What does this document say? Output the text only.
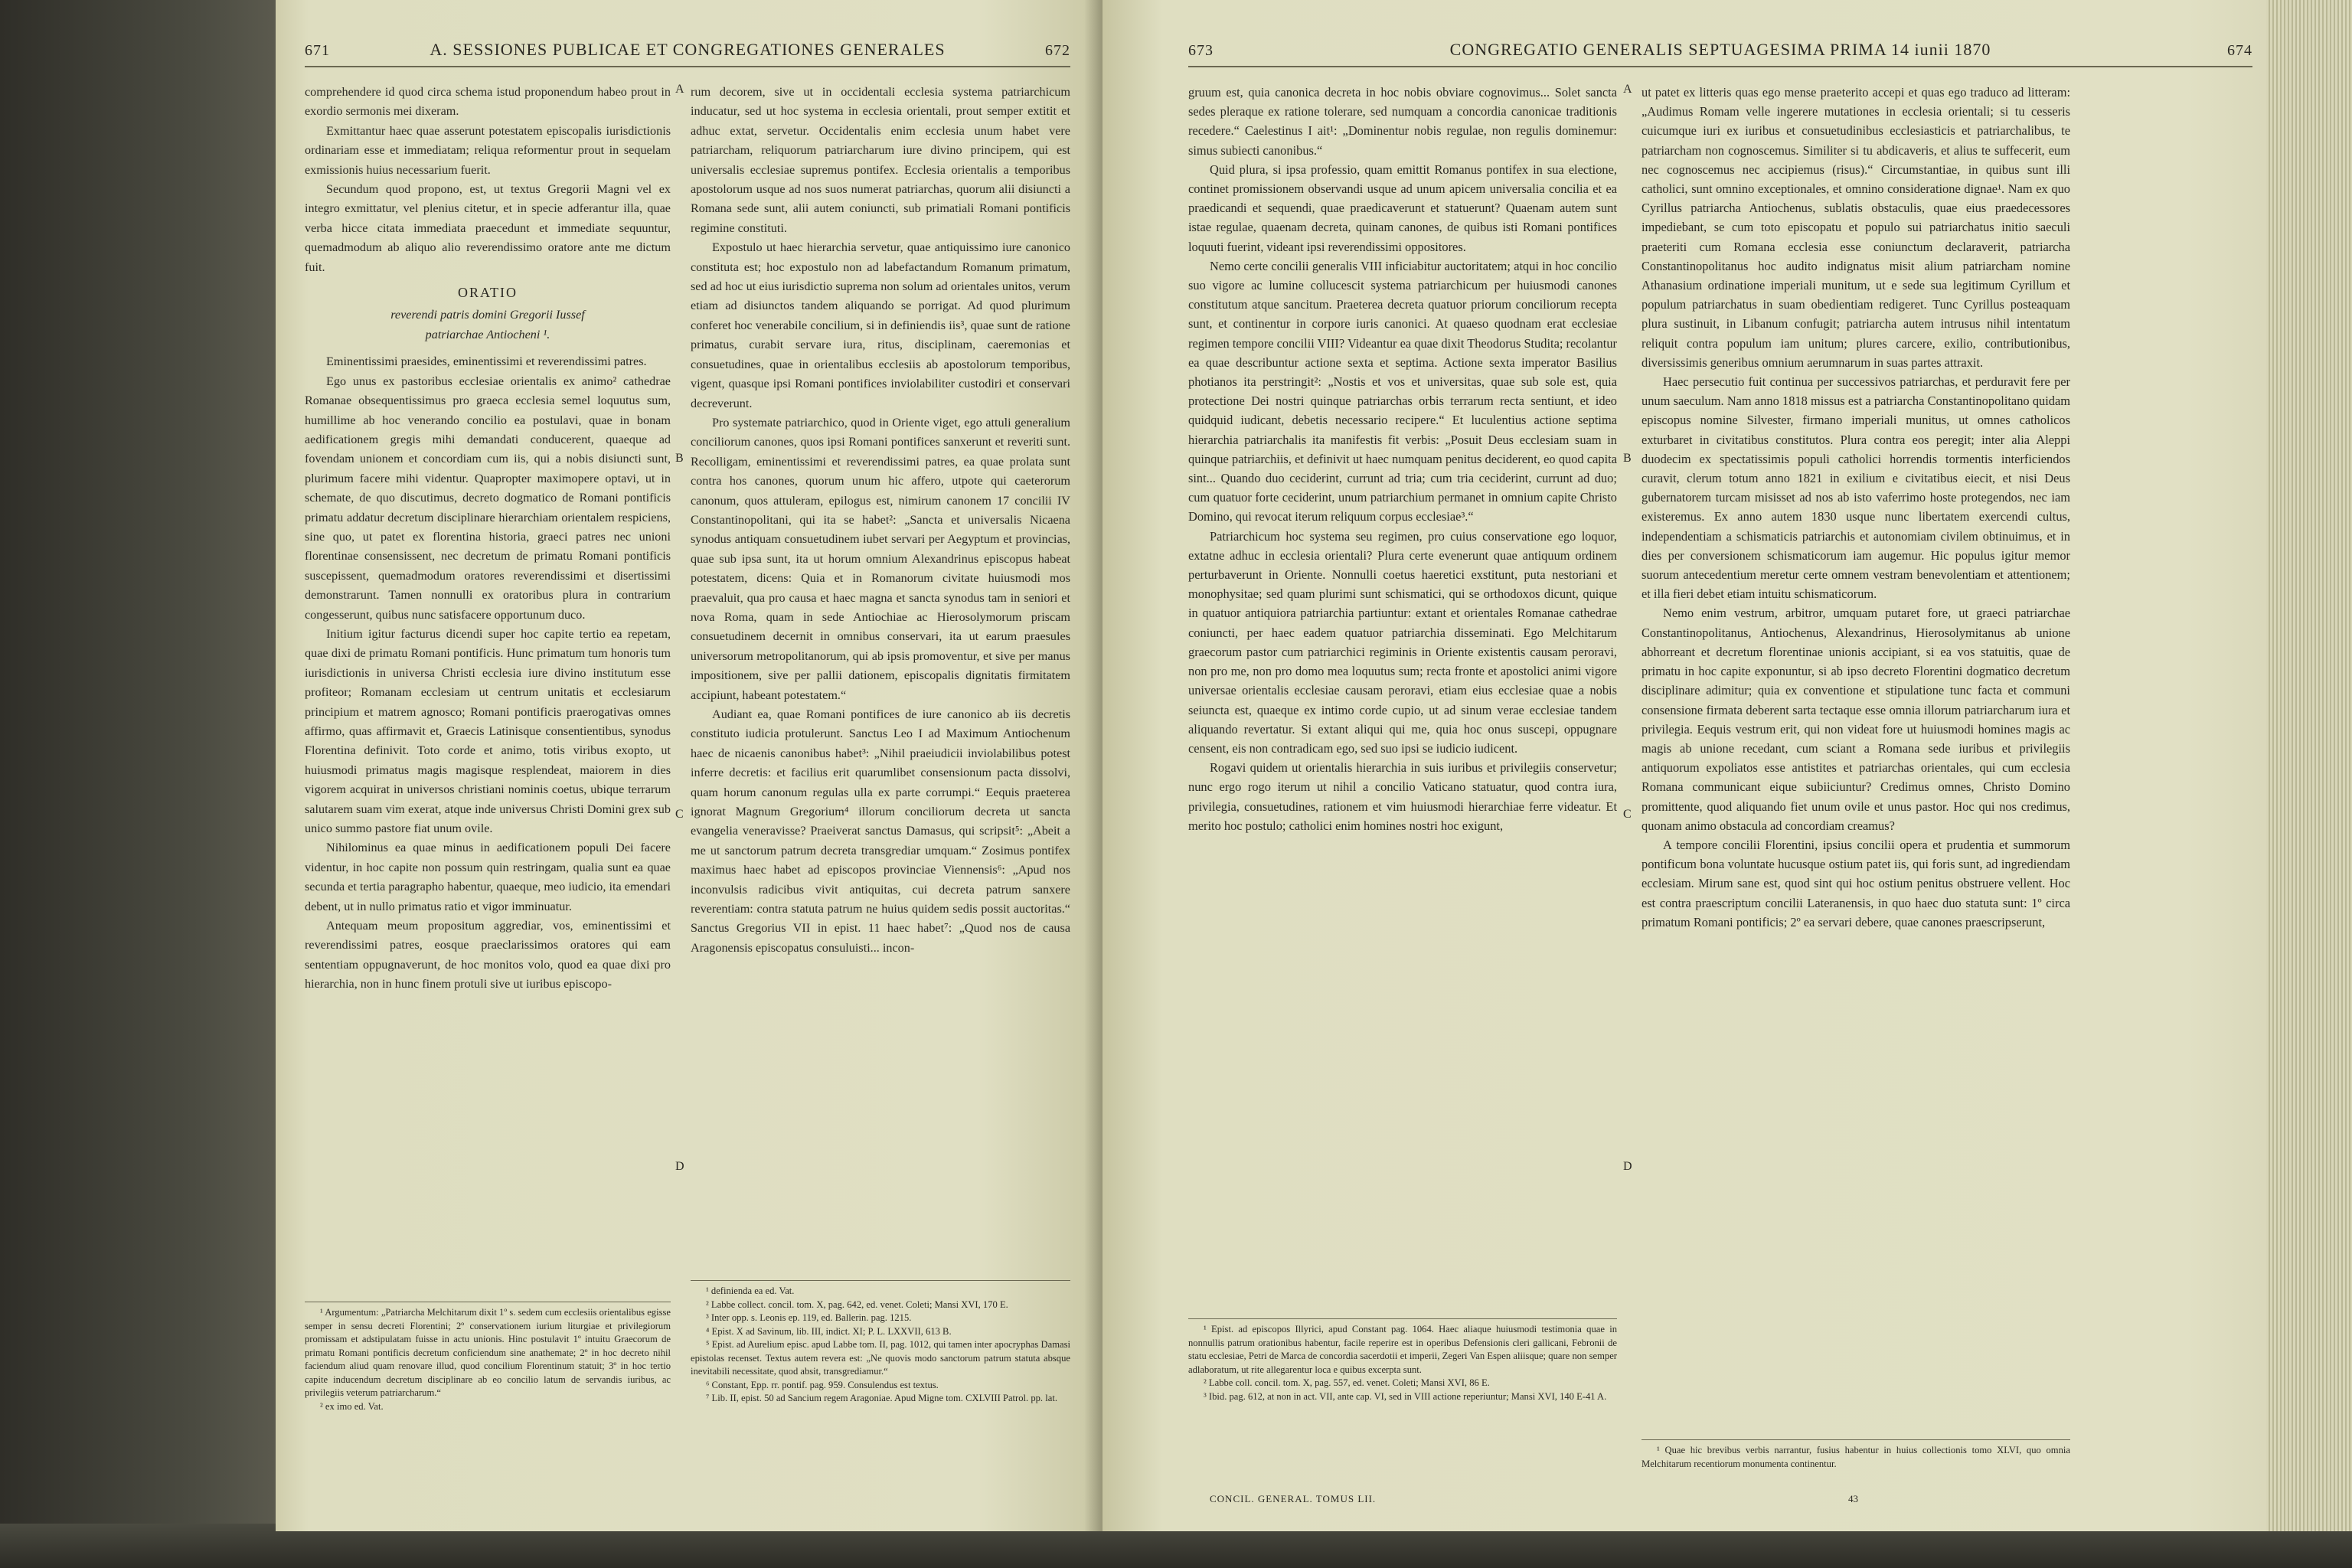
671	A. SESSIONES PUBLICAE ET CONGREGATIONES GENERALES	672

comprehendere id quod circa schema istud proponendum habeo prout in exordio sermonis mei dixeram.

Exmittantur haec quae asserunt potestatem episcopalis iurisdictionis ordinariam esse et immediatam; reliqua reformentur prout in sequelam exmissionis huius necessarium fuerit.

Secundum quod propono, est, ut textus Gregorii Magni vel ex integro exmittatur, vel plenius citetur, et in specie adferantur illa, quae verba hicce citata immediata praecedunt et immediate sequuntur, quemadmodum ab aliquo alio reverendissimo oratore ante me dictum fuit.

ORATIO
reverendi patris domini Gregorii Iussef
patriarchae Antiocheni ¹.

Eminentissimi praesides, eminentissimi et reverendissimi patres.

Ego unus ex pastoribus ecclesiae orientalis ex animo² cathedrae Romanae obsequentissimus pro graeca ecclesia semel loquutus sum, humillime ab hoc venerando concilio ea postulavi, quae in bonam aedificationem gregis mihi demandati conducerent, quaeque ad fovendam unionem et concordiam cum iis, qui a nobis disiuncti sunt, plurimum facere mihi videntur. Quapropter maximopere optavi, ut in schemate, de quo discutimus, decreto dogmatico de Romani pontificis primatu addatur decretum disciplinare hierarchiam orientalem respiciens, sine quo, ut patet ex florentina historia, graeci patres nec unioni florentinae consensissent, nec decretum de primatu Romani pontificis suscepissent, quemadmodum oratores reverendissimi et disertissimi demonstrarunt. Tamen nonnulli ex oratoribus plura in contrarium congesserunt, quibus nunc satisfacere opportunum duco.

Initium igitur facturus dicendi super hoc capite tertio ea repetam, quae dixi de primatu Romani pontificis. Hunc primatum tum honoris tum iurisdictionis in universa Christi ecclesia iure divino institutum esse profiteor; Romanam ecclesiam ut centrum unitatis et ecclesiarum principium et matrem agnosco; Romani pontificis praerogativas omnes affirmo, quas affirmavit et, Graecis Latinisque consentientibus, synodus Florentina definivit. Toto corde et animo, totis viribus exopto, ut huiusmodi primatus magis magisque resplendeat, maiorem in dies vigorem acquirat in universos christiani nominis coetus, ubique terrarum salutarem suam vim exerat, atque inde universus Christi Domini grex sub unico summo pastore fiat unum ovile.

Nihilominus ea quae minus in aedificationem populi Dei facere videntur, in hoc capite non possum quin restringam, qualia sunt ea quae secunda et tertia paragrapho habentur, quaeque, meo iudicio, ita emendari debent, ut in nullo primatus ratio et vigor imminuatur.

Antequam meum propositum aggrediar, vos, eminentissimi et reverendissimi patres, eosque praeclarissimos oratores qui eam sententiam oppugnaverunt, de hoc monitos volo, quod ea quae dixi pro hierarchia, non in hunc finem protuli sive ut iuribus episcopo-

A
B
C
D

rum decorem, sive ut in occidentali ecclesia systema patriarchicum inducatur, sed ut hoc systema in ecclesia orientali, prout semper extitit et adhuc extat, servetur. Occidentalis enim ecclesia unum habet vere patriarcham, reliquorum patriarcharum iure divino principem, qui est universalis ecclesiae supremus pontifex. Ecclesia orientalis a temporibus apostolorum usque ad nos suos numerat patriarchas, quorum alii disiuncti a Romana sede sunt, alii autem coniuncti, sub primatiali Romani pontificis regimine constituti.

Expostulo ut haec hierarchia servetur, quae antiquissimo iure canonico constituta est; hoc expostulo non ad labefactandum Romanum primatum, sed ad hoc ut eius iurisdictio suprema non solum ad orientales unitos, verum etiam ad disiunctos tandem aliquando se porrigat. Ad quod plurimum conferet hoc venerabile concilium, si in definiendis iis³, quae sunt de ratione primatus, curabit servare iura, ritus, disciplinam, caeremonias et consuetudines, quae in orientalibus ecclesiis ab apostolorum temporibus, vigent, quasque ipsi Romani pontifices inviolabiliter custodiri et conservari decreverunt.

Pro systemate patriarchico, quod in Oriente viget, ego attuli generalium conciliorum canones, quos ipsi Romani pontifices sanxerunt et reveriti sunt. Recolligam, eminentissimi et reverendissimi patres, ea quae prolata sunt contra hos canones, quorum unum hic affero, utpote qui caeterorum canonum, quos attuleram, epilogus est, nimirum canonem 17 concilii IV Constantinopolitani, qui ita se habet²: „Sancta et universalis Nicaena synodus antiquam consuetudinem iubet servari per Aegyptum et provincias, quae sub ipsa sunt, ita ut horum omnium Alexandrinus episcopus habeat potestatem, dicens: Quia et in Romanorum civitate huiusmodi mos praevaluit, qua pro causa et haec magna et sancta synodus tam in seniori et nova Roma, quam in sede Antiochiae ac Hierosolymorum priscam consuetudinem decernit in omnibus conservari, ita ut earum praesules universorum metropolitanorum, qui ab ipsis promoventur, et sive per manus impositionem, sive per pallii dationem, episcopalis dignitatis firmitatem accipiunt, habeant potestatem.“

Audiant ea, quae Romani pontifices de iure canonico ab iis decretis constituto iudicia protulerunt. Sanctus Leo I ad Maximum Antiochenum haec de nicaenis canonibus habet³: „Nihil praeiudicii inviolabilibus potest inferre decretis: et facilius erit quarumlibet consensionum pacta dissolvi, quam horum canonum regulas ulla ex parte corrumpi.“ Eequis praeterea ignorat Magnum Gregorium⁴ illorum conciliorum decreta ut sancta evangelia veneravisse? Praeiverat sanctus Damasus, qui scripsit⁵: „Abeit a me ut sanctorum patrum decreta transgrediar umquam.“ Zosimus pontifex maximus haec habet ad episcopos provinciae Viennensis⁶: „Apud nos inconvulsis radicibus vivit antiquitas, cui decreta patrum sanxere reverentiam: contra statuta patrum ne huius quidem sedis possit auctoritas.“ Sanctus Gregorius VII in epist. 11 haec habet⁷: „Quod nos de causa Aragonensis episcopatus consuluisti... incon-

¹ Argumentum: „Patriarcha Melchitarum dixit 1º s. sedem cum ecclesiis orientalibus egisse semper in sensu decreti Florentini; 2º conservationem iurium liturgiae et privilegiorum promissam et adstipulatam fuisse in actu unionis. Hinc postulavit 1º intuitu Graecorum de primatu Romani pontificis decretum conficiendum sine anathemate; 2º in hoc decreto nihil faciendum aliud quam renovare illud, quod concilium Florentinum statuit; 3º in hoc tertio capite inducendum decretum disciplinare ab eo concilio latum de servandis iuribus, ac privilegiis veterum patriarcharum.“

² ex imo ed. Vat.

¹ definienda ea ed. Vat.

² Labbe collect. concil. tom. X, pag. 642, ed. venet. Coleti; Mansi XVI, 170 E.

³ Inter opp. s. Leonis ep. 119, ed. Ballerin. pag. 1215.

⁴ Epist. X ad Savinum, lib. III, indict. XI; P. L. LXXVII, 613 B.

⁵ Epist. ad Aurelium episc. apud Labbe tom. II, pag. 1012, qui tamen inter apocryphas Damasi epistolas recenset. Textus autem revera est: „Ne quovis modo sanctorum patrum statuta absque inevitabili necessitate, quod absit, transgrediamur.“

⁶ Constant, Epp. rr. pontif. pag. 959. Consulendus est textus.

⁷ Lib. II, epist. 50 ad Sancium regem Aragoniae. Apud Migne tom. CXLVIII Patrol. pp. lat.

673	CONGREGATIO GENERALIS SEPTUAGESIMA PRIMA 14 iunii 1870	674

gruum est, quia canonica decreta in hoc nobis obviare cognovimus... Solet sancta sedes pleraque ex ratione tolerare, sed numquam a concordia canonicae traditionis recedere.“ Caelestinus I ait¹: „Dominentur nobis regulae, non regulis dominemur: simus subiecti canonibus.“

Quid plura, si ipsa professio, quam emittit Romanus pontifex in sua electione, continet promissionem observandi usque ad unum apicem universalia concilia et ea praedicandi et sequendi, quae praedicaverunt et statuerunt? Quaenam autem sunt istae regulae, quaenam decreta, quinam canones, de quibus isti Romani pontifices loquuti fuerint, videant ipsi reverendissimi oppositores.

Nemo certe concilii generalis VIII inficiabitur auctoritatem; atqui in hoc concilio suo vigore ac lumine collucescit systema patriarchicum per huiusmodi canones constitutum atque sancitum. Praeterea decreta quatuor priorum conciliorum recepta sunt, et continentur in corpore iuris canonici. At quaeso quodnam erat ecclesiae regimen tempore concilii VIII? Videantur ea quae dixit Theodorus Studita; recolantur ea quae describuntur actione sexta et septima. Actione sexta imperator Basilius photianos ita perstringit²: „Nostis et vos et universitas, quae sub sole est, quia protectione Dei nostri quinque patriarchas orbis terrarum recta sentiunt, et ideo quidquid iudicant, debetis necessario recipere.“ Et luculentius actione septima hierarchia patriarchalis ita manifestis fit verbis: „Posuit Deus ecclesiam suam in quinque patriarchiis, et definivit ut haec numquam penitus deciderent, eo quod capita sint... Quando duo ceciderint, currunt ad tria; cum tria ceciderint, currunt ad duo; cum quatuor forte ceciderint, unum patriarchium permanet in omnium capite Christo Domino, qui revocat iterum reliquum corpus ecclesiae³.“

Patriarchicum hoc systema seu regimen, pro cuius conservatione ego loquor, extatne adhuc in ecclesia orientali? Plura certe evenerunt quae antiquum ordinem perturbaverunt in Oriente. Nonnulli coetus haeretici exstitunt, puta nestoriani et monophysitae; sed quam plurimi sunt schismatici, qui se orthodoxos dicunt, quique in quatuor antiquiora patriarchia partiuntur: extant et orientales Romanae cathedrae coniuncti, per haec eadem quatuor patriarchia disseminati. Ego Melchitarum graecorum pastor cum patriarchici regiminis in Oriente existentis causam peroravi, non pro me, non pro domo mea loquutus sum; recta fronte et apostolici animi vigore universae orientalis ecclesiae causam peroravi, etiam eius ecclesiae quae a nobis seiuncta est, quaeque ex intimo corde cupio, ut ad sinum verae ecclesiae tandem aliquando revertatur. Si extant aliqui qui me, quia hoc onus suscepi, oppugnare censent, eis non contradicam ego, sed suo ipsi se iudicio iudicent.

Rogavi quidem ut orientalis hierarchia in suis iuribus et privilegiis conservetur; nunc ergo rogo iterum ut nihil a concilio Vaticano statuatur, quod contra iura, privilegia, consuetudines, rationem et vim huiusmodi hierarchiae ferre videatur. Et merito hoc postulo; catholici enim homines nostri hoc exigunt,

A
B
C
D

ut patet ex litteris quas ego mense praeterito accepi et quas ego traduco ad litteram: „Audimus Romam velle ingerere mutationes in ecclesia orientali; si tu cesseris cuicumque iuri ex iuribus et consuetudinibus ecclesiasticis et patriarchalibus, te patriarcham non cognoscemus. Similiter si tu abdicaveris, et alius te suffecerit, eum nec cognoscemus nec accipiemus (risus).“ Circumstantiae, in quibus sunt illi catholici, sunt omnino exceptionales, et omnino consideratione dignae¹. Nam ex quo Cyrillus patriarcha Antiochenus, sublatis obstaculis, quae eius praedecessores impediebant, se cum toto episcopatu et populo sui patriarchatus initio saeculi praeteriti cum Romana ecclesia esse coniunctum declaraverit, patriarcha Constantinopolitanus hoc audito indignatus misit alium patriarcham nomine Athanasium ordinatione imperiali munitum, ut e sede sua legitimum Cyrillum et populum patriarchatus in suam obedientiam redigeret. Tunc Cyrillus posteaquam plura sustinuit, in Libanum confugit; patriarcha autem intrusus nihil intentatum reliquit contra populum iam unitum; plures carcere, exilio, contributionibus, diversissimis generibus omnium aerumnarum in suas partes attraxit.

Haec persecutio fuit continua per successivos patriarchas, et perduravit fere per unum saeculum. Nam anno 1818 missus est a patriarcha Constantinopolitano quidam episcopus nomine Silvester, firmano imperiali munitus, ut omnes catholicos exturbaret in civitatibus constitutos. Plura contra eos peregit; inter alia Aleppi duodecim ex spectatissimis populi catholici horrendis tormentis interficiendos curavit, clerum totum anno 1821 in exilium e civitatibus eiecit, et nisi Deus gubernatorem turcam misisset ad nos ab isto vaferrimo hoste protegendos, nec iam existeremus. Ex anno autem 1830 usque nunc libertatem exercendi cultus, independentiam a schismaticis patriarchis et autonomiam civilem obtinuimus, et in dies per conversionem schismaticorum iam augemur. Hic populus igitur memor suorum antecedentium meretur certe omnem vestram benevolentiam et attentionem; et illa fieri debet etiam intuitu schismaticorum.

Nemo enim vestrum, arbitror, umquam putaret fore, ut graeci patriarchae Constantinopolitanus, Antiochenus, Alexandrinus, Hierosolymitanus ab unione abhorreant et decretum florentinae unionis accipiant, si ea vos statuitis, quae de primatu in hoc capite exponuntur, si ab ipso decreto Florentini dogmatico decretum disciplinare adimitur; quia ex conventione et stipulatione tunc facta et communi consensione firmata deberent sarta tectaque esse omnia illorum patriarcharum iura et privilegia. Eequis vestrum erit, qui non videat fore ut huiusmodi homines magis ac magis ab unione recedant, cum sciant a Romana sede iuribus et privilegiis antiquorum expoliatos esse antistites et patriarchas orientales, qui cum ecclesia Romana communicant eique subiiciuntur? Credimus omnes, Christo Domino promittente, quod aliquando fiet unum ovile et unus pastor. Hoc qui nos credimus, quonam animo obstacula ad concordiam creamus?

A tempore concilii Florentini, ipsius concilii opera et prudentia et summorum pontificum bona voluntate hucusque ostium patet iis, qui foris sunt, ad ingrediendam ecclesiam. Mirum sane est, quod sint qui hoc ostium penitus obstruere vellent. Hoc est contra praescriptum concilii Lateranensis, in quo haec duo statuta sunt: 1º circa primatum Romani pontificis; 2º ea servari debere, quae canones praescripserunt,

¹ Epist. ad episcopos Illyrici, apud Constant pag. 1064. Haec aliaque huiusmodi testimonia quae in nonnullis patrum orationibus habentur, facile reperire est in operibus Defensionis cleri gallicani, Febronii de statu ecclesiae, Petri de Marca de concordia sacerdotii et imperii, Zegeri Van Espen aliisque; quare non semper adlaboratum, ut rite allegarentur loca e quibus excerpta sunt.

² Labbe coll. concil. tom. X, pag. 557, ed. venet. Coleti; Mansi XVI, 86 E.

³ Ibid. pag. 612, at non in act. VII, ante cap. VI, sed in VIII actione reperiuntur; Mansi XVI, 140 E-41 A.

CONCIL. GENERAL. TOMUS LII.

¹ Quae hic brevibus verbis narrantur, fusius habentur in huius collectionis tomo XLVI, quo omnia Melchitarum recentiorum monumenta continentur.

43
